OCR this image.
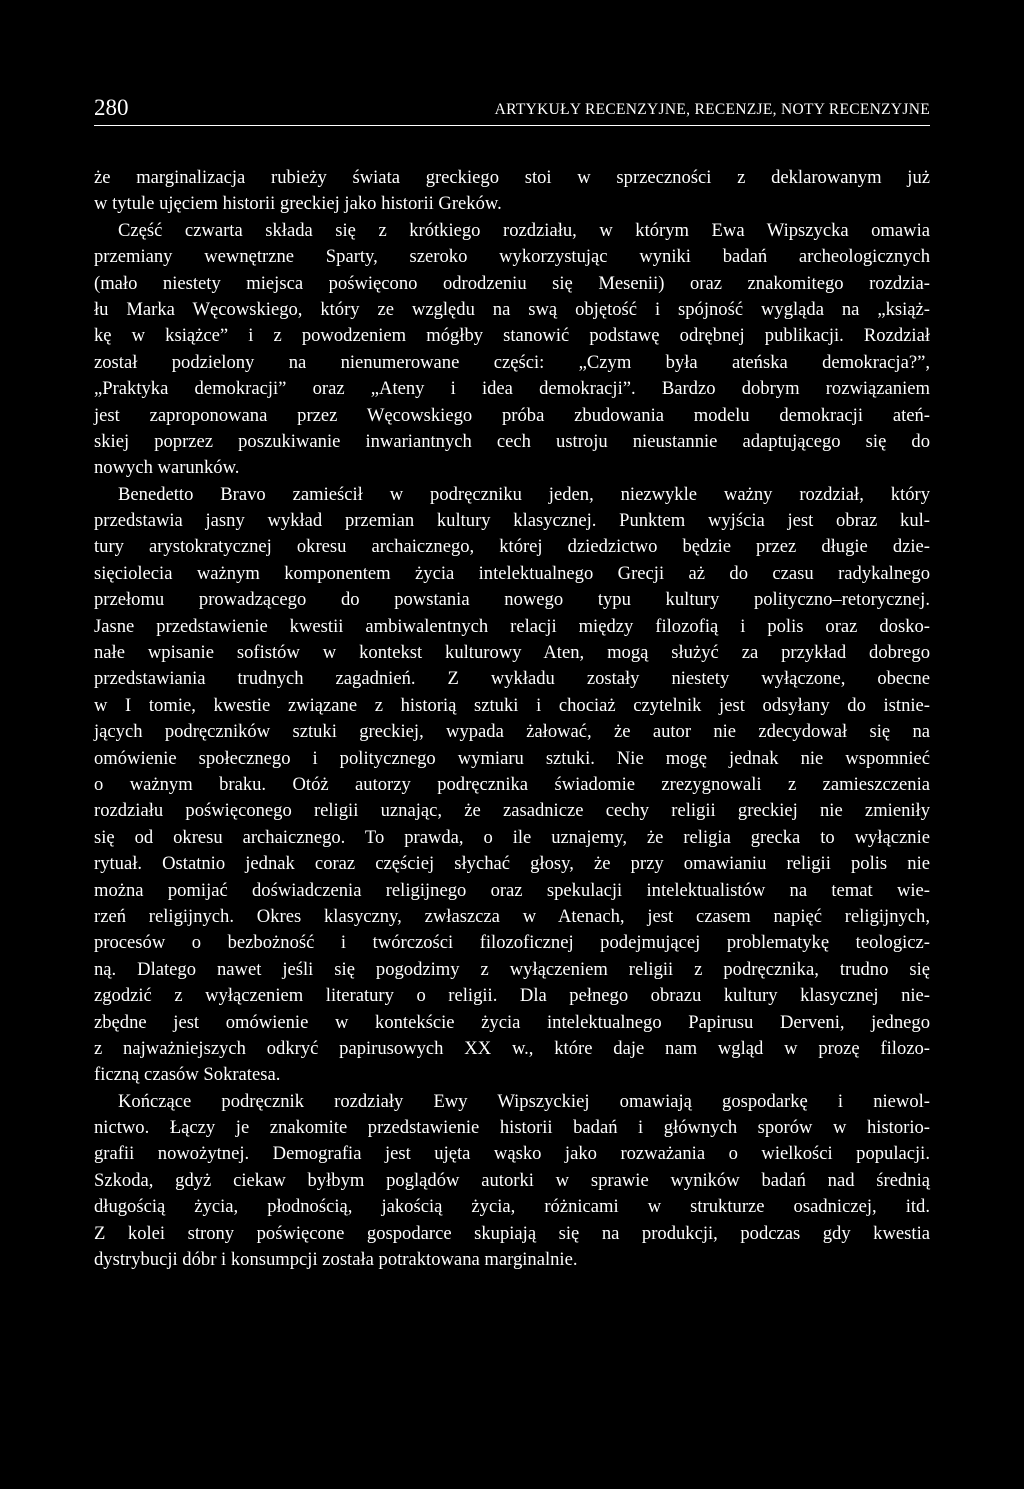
280	ARTYKUŁY RECENZYJNE, RECENZJE, NOTY RECENZYJNE
że marginalizacja rubieży świata greckiego stoi w sprzeczności z deklarowanym już
w tytule ujęciem historii greckiej jako historii Greków.
Część czwarta składa się z krótkiego rozdziału, w którym Ewa Wipszycka omawia
przemiany wewnętrzne Sparty, szeroko wykorzystując wyniki badań archeologicznych
(mało niestety miejsca poświęcono odrodzeniu się Mesenii) oraz znakomitego rozdzia-
łu Marka Węcowskiego, który ze względu na swą objętość i spójność wygląda na „książ-
kę w książce” i z powodzeniem mógłby stanowić podstawę odrębnej publikacji. Rozdział
został podzielony na nienumerowane części: „Czym była ateńska demokracja?”,
„Praktyka demokracji” oraz „Ateny i idea demokracji”. Bardzo dobrym rozwiązaniem
jest zaproponowana przez Węcowskiego próba zbudowania modelu demokracji ateń-
skiej poprzez poszukiwanie inwariantnych cech ustroju nieustannie adaptującego się do
nowych warunków.
Benedetto Bravo zamieścił w podręczniku jeden, niezwykle ważny rozdział, który
przedstawia jasny wykład przemian kultury klasycznej. Punktem wyjścia jest obraz kul-
tury arystokratycznej okresu archaicznego, której dziedzictwo będzie przez długie dzie-
sięciolecia ważnym komponentem życia intelektualnego Grecji aż do czasu radykalnego
przełomu prowadzącego do powstania nowego typu kultury polityczno–retorycznej.
Jasne przedstawienie kwestii ambiwalentnych relacji między filozofią i polis oraz dosko-
nałe wpisanie sofistów w kontekst kulturowy Aten, mogą służyć za przykład dobrego
przedstawiania trudnych zagadnień. Z wykładu zostały niestety wyłączone, obecne
w I tomie, kwestie związane z historią sztuki i chociaż czytelnik jest odsyłany do istnie-
jących podręczników sztuki greckiej, wypada żałować, że autor nie zdecydował się na
omówienie społecznego i politycznego wymiaru sztuki. Nie mogę jednak nie wspomnieć
o ważnym braku. Otóż autorzy podręcznika świadomie zrezygnowali z zamieszczenia
rozdziału poświęconego religii uznając, że zasadnicze cechy religii greckiej nie zmieniły
się od okresu archaicznego. To prawda, o ile uznajemy, że religia grecka to wyłącznie
rytuał. Ostatnio jednak coraz częściej słychać głosy, że przy omawianiu religii polis nie
można pomijać doświadczenia religijnego oraz spekulacji intelektualistów na temat wie-
rzeń religijnych. Okres klasyczny, zwłaszcza w Atenach, jest czasem napięć religijnych,
procesów o bezbożność i twórczości filozoficznej podejmującej problematykę teologicz-
ną. Dlatego nawet jeśli się pogodzimy z wyłączeniem religii z podręcznika, trudno się
zgodzić z wyłączeniem literatury o religii. Dla pełnego obrazu kultury klasycznej nie-
zbędne jest omówienie w kontekście życia intelektualnego Papirusu Derveni, jednego
z najważniejszych odkryć papirusowych XX w., które daje nam wgląd w prozę filozo-
ficzną czasów Sokratesa.
Kończące podręcznik rozdziały Ewy Wipszyckiej omawiają gospodarkę i niewol-
nictwo. Łączy je znakomite przedstawienie historii badań i głównych sporów w historio-
grafii nowożytnej. Demografia jest ujęta wąsko jako rozważania o wielkości populacji.
Szkoda, gdyż ciekaw byłbym poglądów autorki w sprawie wyników badań nad średnią
długością życia, płodnością, jakością życia, różnicami w strukturze osadniczej, itd.
Z kolei strony poświęcone gospodarce skupiają się na produkcji, podczas gdy kwestia
dystrybucji dóbr i konsumpcji została potraktowana marginalnie.
